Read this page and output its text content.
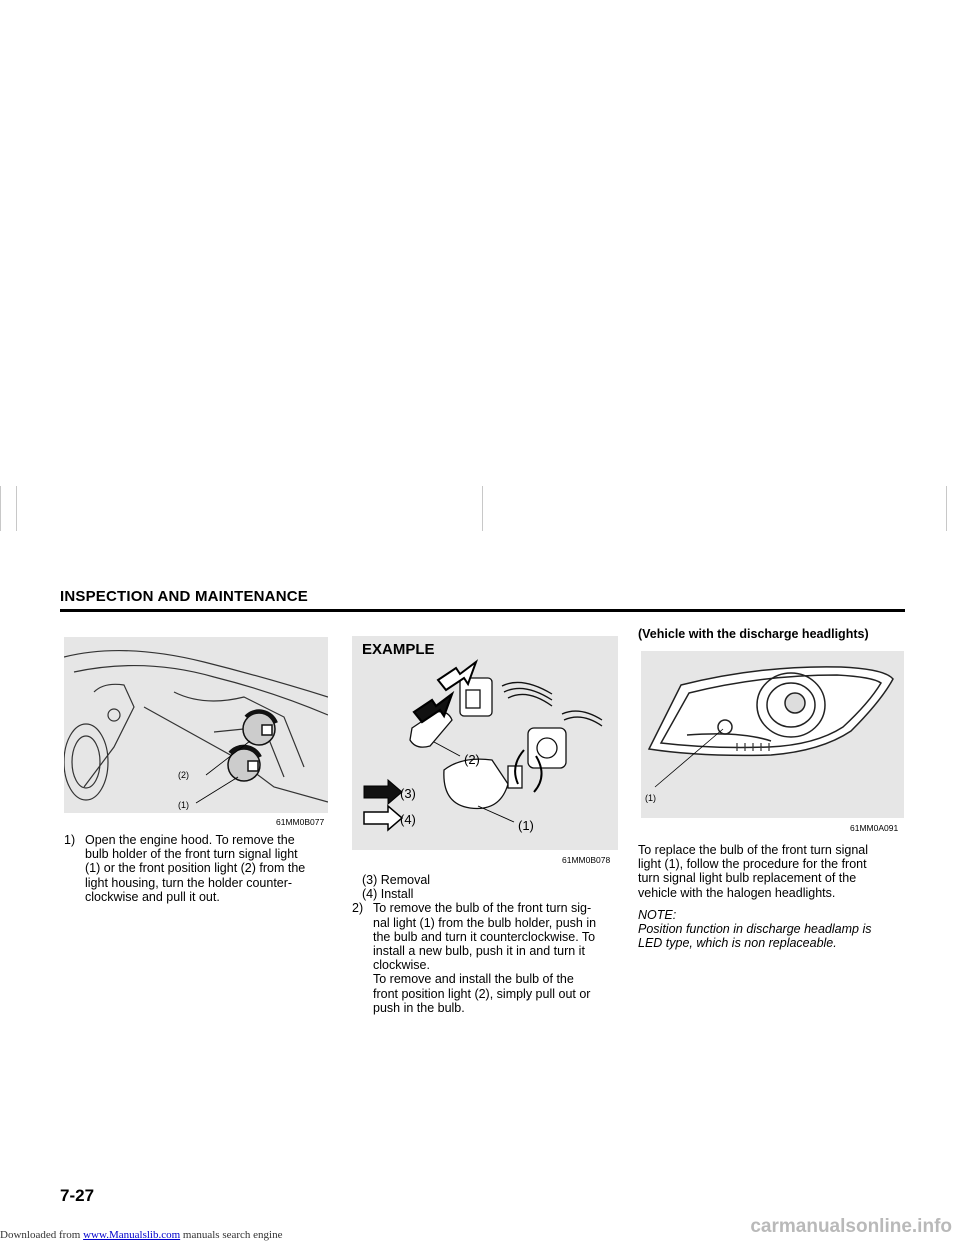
INSPECTION AND MAINTENANCE
(2)
(1)
61MM0B077
1) Open the engine hood. To remove the
bulb holder of the front turn signal light
(1) or the front position light (2) from the
light housing, turn the holder counter-
clockwise and pull it out.
EXAMPLE
(2)
(3)
(4)	(1)
61MM0B078
(3) Removal
(4) Install
2) To remove the bulb of the front turn sig-
nal light (1) from the bulb holder, push in
the bulb and turn it counterclockwise. To
install a new bulb, push it in and turn it
clockwise.
To remove and install the bulb of the
front position light (2), simply pull out or
push in the bulb.
(Vehicle with the discharge headlights)
(1)
61MM0A091
To replace the bulb of the front turn signal
light (1), follow the procedure for the front
turn signal light bulb replacement of the
vehicle with the halogen headlights.
NOTE:
Position function in discharge headlamp is
LED type, which is non replaceable.
7-27
Downloaded from www.Manualslib.com manuals search engine	carmanualsonline.info
